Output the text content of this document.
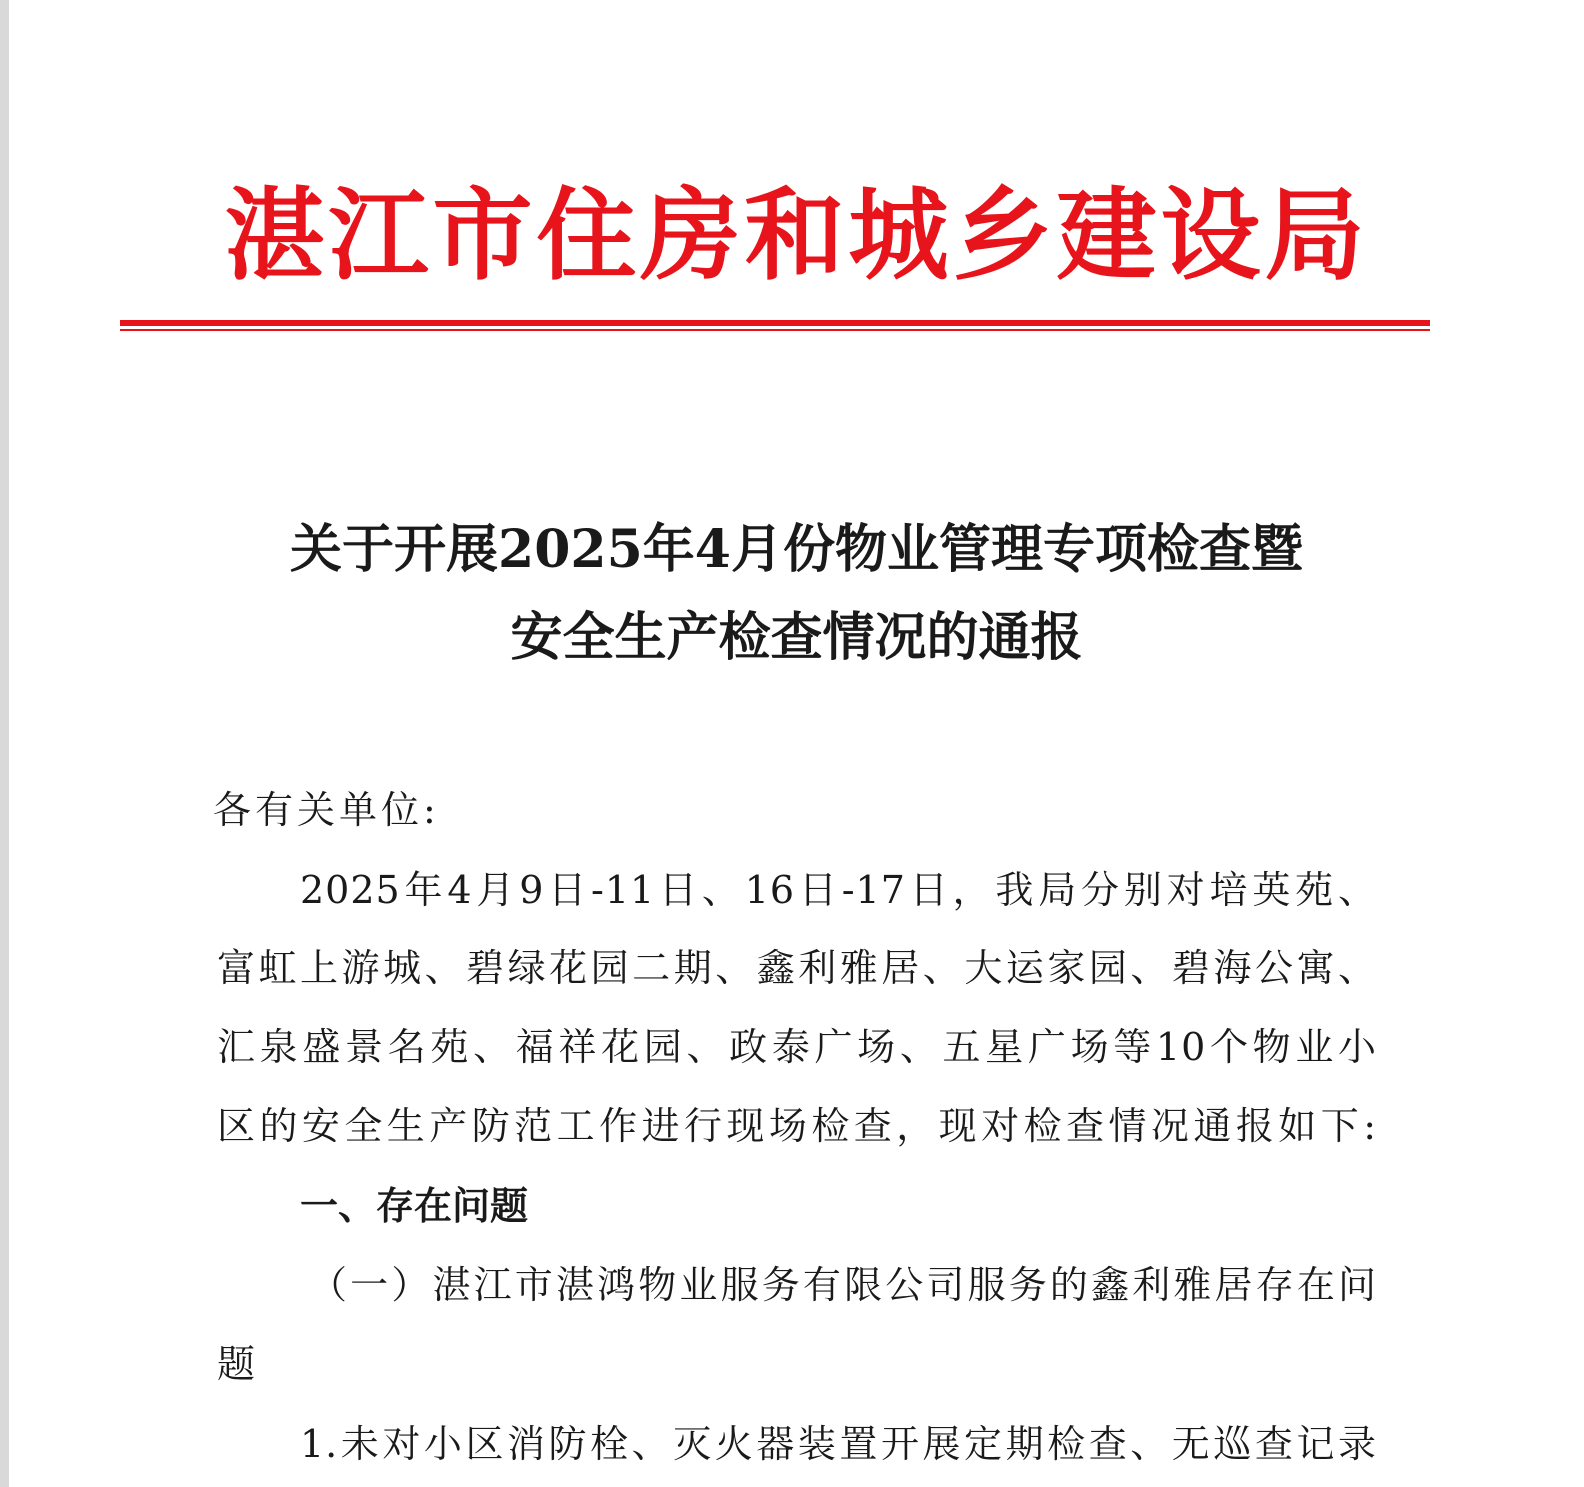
湛江市住房和城乡建设局
关于开展2025年4月份物业管理专项检查暨
安全生产检查情况的通报
各有关单位:
2025年4月9日-11日、16日-17日，我局分别对培英苑、
富虹上游城、碧绿花园二期、鑫利雅居、大运家园、碧海公寓、
汇泉盛景名苑、福祥花园、政泰广场、五星广场等10个物业小
区的安全生产防范工作进行现场检查，现对检查情况通报如下:
一、存在问题
（一）湛江市湛鸿物业服务有限公司服务的鑫利雅居存在问
题
1.未对小区消防栓、灭火器装置开展定期检查、无巡查记录
